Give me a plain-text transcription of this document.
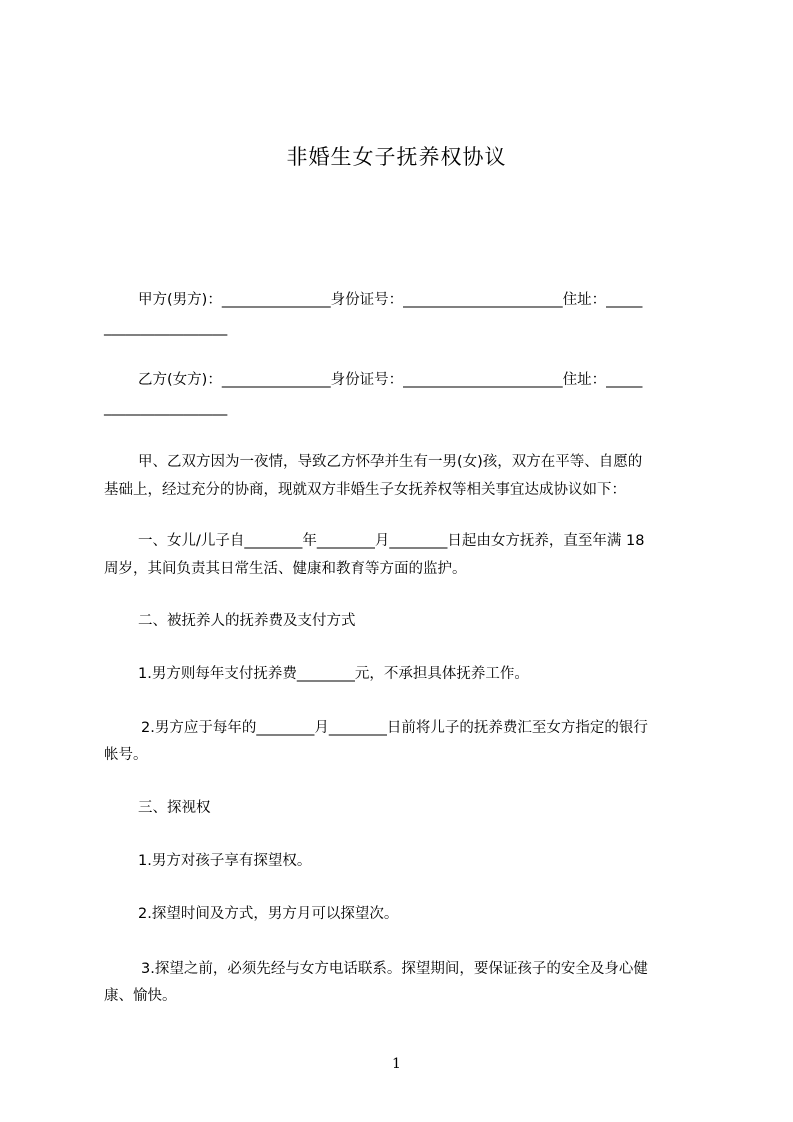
非婚生女子抚养权协议
甲方(男方)：_______________身份证号：______________________住址：_____
_________________
乙方(女方)：_______________身份证号：______________________住址：_____
_________________
甲、乙双方因为一夜情，导致乙方怀孕并生有一男(女)孩，双方在平等、自愿的
基础上，经过充分的协商，现就双方非婚生子女抚养权等相关事宜达成协议如下：
一、女儿/儿子自________年________月________日起由女方抚养，直至年满 18
周岁，其间负责其日常生活、健康和教育等方面的监护。
二、被抚养人的抚养费及支付方式
1.男方则每年支付抚养费________元，不承担具体抚养工作。
2.男方应于每年的________月________日前将儿子的抚养费汇至女方指定的银行
帐号。
三、探视权
1.男方对孩子享有探望权。
2.探望时间及方式，男方月可以探望次。
3.探望之前，必须先经与女方电话联系。探望期间，要保证孩子的安全及身心健
康、愉快。
1
